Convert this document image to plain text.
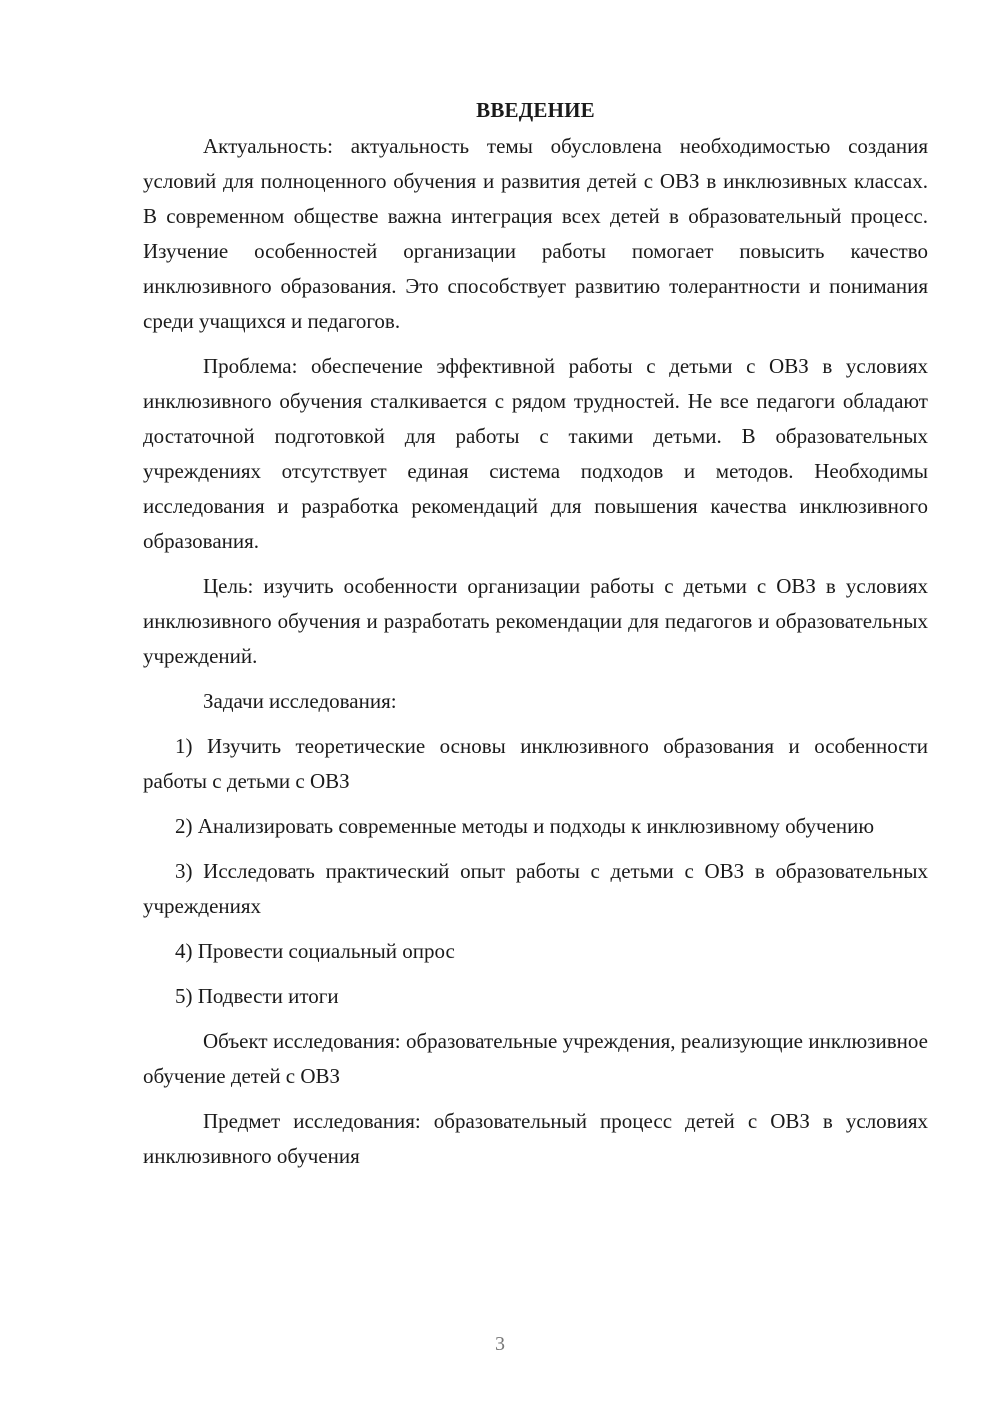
ВВЕДЕНИЕ

Актуальность: актуальность темы обусловлена необходимостью создания условий для полноценного обучения и развития детей с ОВЗ в инклюзивных классах. В современном обществе важна интеграция всех детей в образовательный процесс. Изучение особенностей организации работы помогает повысить качество инклюзивного образования. Это способствует развитию толерантности и понимания среди учащихся и педагогов.

Проблема: обеспечение эффективной работы с детьми с ОВЗ в условиях инклюзивного обучения сталкивается с рядом трудностей. Не все педагоги обладают достаточной подготовкой для работы с такими детьми. В образовательных учреждениях отсутствует единая система подходов и методов. Необходимы исследования и разработка рекомендаций для повышения качества инклюзивного образования.

Цель: изучить особенности организации работы с детьми с ОВЗ в условиях инклюзивного обучения и разработать рекомендации для педагогов и образовательных учреждений.

Задачи исследования:

1) Изучить теоретические основы инклюзивного образования и особенности работы с детьми с ОВЗ

2) Анализировать современные методы и подходы к инклюзивному обучению

3) Исследовать практический опыт работы с детьми с ОВЗ в образовательных учреждениях

4) Провести социальный опрос

5) Подвести итоги

Объект исследования: образовательные учреждения, реализующие инклюзивное обучение детей с ОВЗ

Предмет исследования: образовательный процесс детей с ОВЗ в условиях инклюзивного обучения

3
